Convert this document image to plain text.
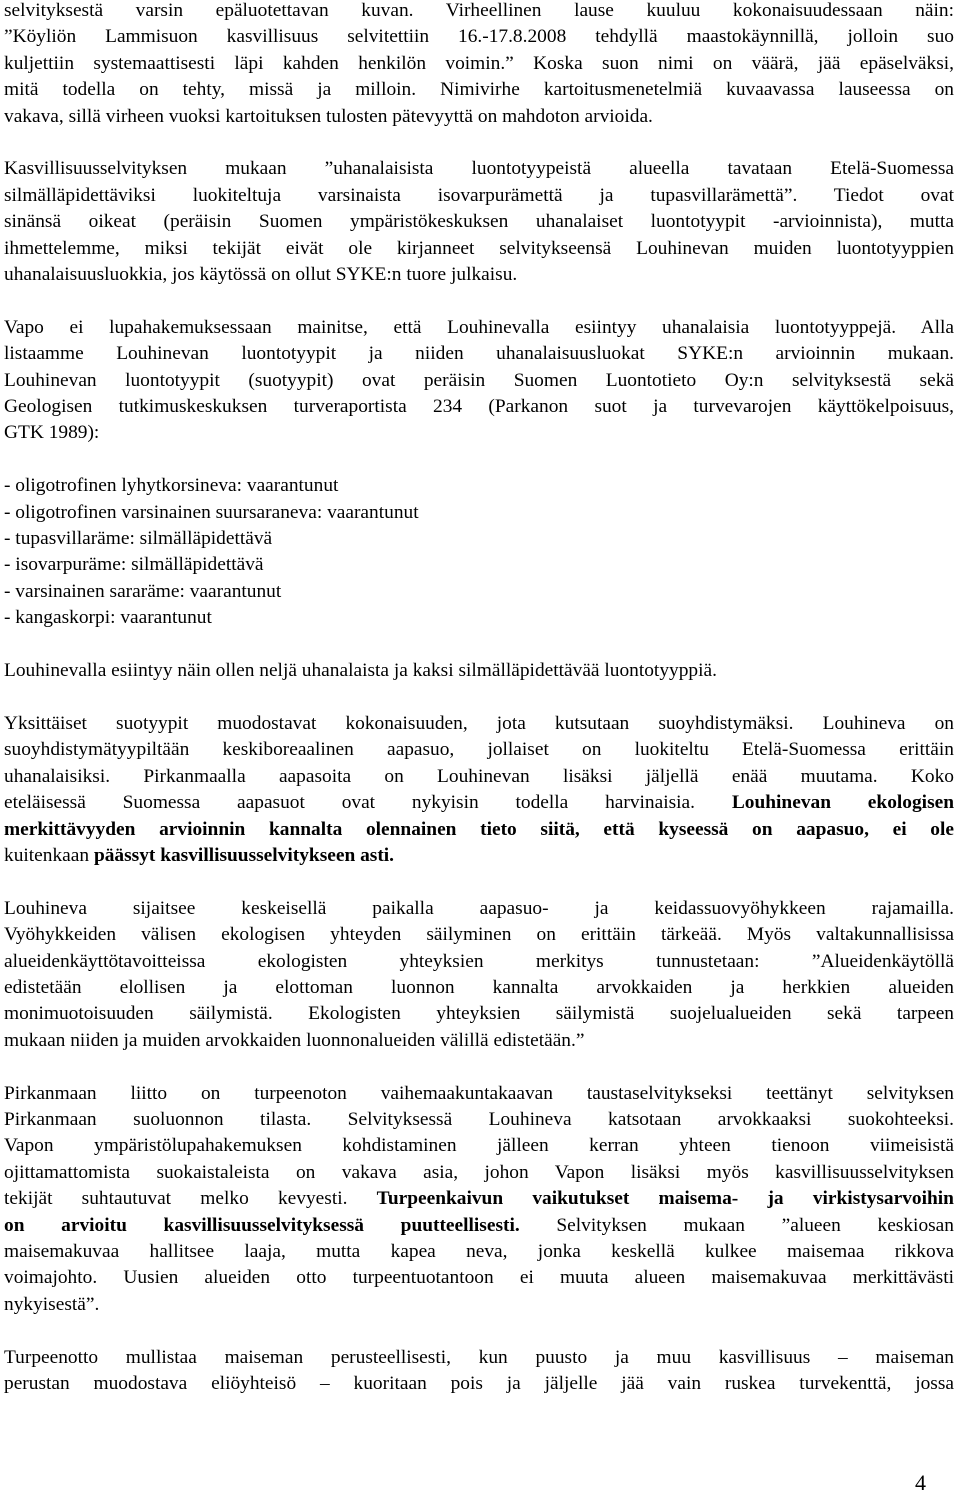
selvityksestä varsin epäluotettavan kuvan. Virheellinen lause kuuluu kokonaisuudessaan näin:
”Köyliön Lammisuon kasvillisuus selvitettiin 16.-17.8.2008 tehdyllä maastokäynnillä, jolloin suo
kuljettiin systemaattisesti läpi kahden henkilön voimin.” Koska suon nimi on väärä, jää epäselväksi,
mitä todella on tehty, missä ja milloin. Nimivirhe kartoitusmenetelmiä kuvaavassa lauseessa on
vakava, sillä virheen vuoksi kartoituksen tulosten pätevyyttä on mahdoton arvioida.
Kasvillisuusselvityksen mukaan ”uhanalaisista luontotyypeistä alueella tavataan Etelä-Suomessa
silmälläpidettäviksi luokiteltuja varsinaista isovarpurämettä ja tupasvillarämettä”. Tiedot ovat
sinänsä oikeat (peräisin Suomen ympäristökeskuksen uhanalaiset luontotyypit -arvioinnista), mutta
ihmettelemme, miksi tekijät eivät ole kirjanneet selvitykseensä Louhinevan muiden luontotyyppien
uhanalaisuusluokkia, jos käytössä on ollut SYKE:n tuore julkaisu.
Vapo ei lupahakemuksessaan mainitse, että Louhinevalla esiintyy uhanalaisia luontotyyppejä. Alla
listaamme Louhinevan luontotyypit ja niiden uhanalaisuusluokat SYKE:n arvioinnin mukaan.
Louhinevan luontotyypit (suotyypit) ovat peräisin Suomen Luontotieto Oy:n selvityksestä sekä
Geologisen tutkimuskeskuksen turveraportista 234 (Parkanon suot ja turvevarojen käyttökelpoisuus,
GTK 1989):
- oligotrofinen lyhytkorsineva: vaarantunut
- oligotrofinen varsinainen suursaraneva: vaarantunut
- tupasvillaräme: silmälläpidettävä
- isovarpuräme: silmälläpidettävä
- varsinainen sararäme: vaarantunut
- kangaskorpi: vaarantunut
Louhinevalla esiintyy näin ollen neljä uhanalaista ja kaksi silmälläpidettävää luontotyyppiä.
Yksittäiset suotyypit muodostavat kokonaisuuden, jota kutsutaan suoyhdistymäksi. Louhineva on
suoyhdistymätyypiltään keskiboreaalinen aapasuo, jollaiset on luokiteltu Etelä-Suomessa erittäin
uhanalaisiksi. Pirkanmaalla aapasoita on Louhinevan lisäksi jäljellä enää muutama. Koko
eteläisessä Suomessa aapasuot ovat nykyisin todella harvinaisia. Louhinevan ekologisen
merkittävyyden arvioinnin kannalta olennainen tieto siitä, että kyseessä on aapasuo, ei ole
kuitenkaan päässyt kasvillisuusselvitykseen asti.
Louhineva sijaitsee keskeisellä paikalla aapasuo- ja keidassuovyöhykkeen rajamailla.
Vyöhykkeiden välisen ekologisen yhteyden säilyminen on erittäin tärkeää. Myös valtakunnallisissa
alueidenkäyttötavoitteissa ekologisten yhteyksien merkitys tunnustetaan: ”Alueidenkäytöllä
edistetään elollisen ja elottoman luonnon kannalta arvokkaiden ja herkkien alueiden
monimuotoisuuden säilymistä. Ekologisten yhteyksien säilymistä suojelualueiden sekä tarpeen
mukaan niiden ja muiden arvokkaiden luonnonalueiden välillä edistetään.”
Pirkanmaan liitto on turpeenoton vaihemaakuntakaavan taustaselvitykseksi teettänyt selvityksen
Pirkanmaan suoluonnon tilasta. Selvityksessä Louhineva katsotaan arvokkaaksi suokohteeksi.
Vapon ympäristölupahakemuksen kohdistaminen jälleen kerran yhteen tienoon viimeisistä
ojittamattomista suokaistaleista on vakava asia, johon Vapon lisäksi myös kasvillisuusselvityksen
tekijät suhtautuvat melko kevyesti. Turpeenkaivun vaikutukset maisema- ja virkistysarvoihin
on arvioitu kasvillisuusselvityksessä puutteellisesti. Selvityksen mukaan ”alueen keskiosan
maisemakuvaa hallitsee laaja, mutta kapea neva, jonka keskellä kulkee maisemaa rikkova
voimajohto. Uusien alueiden otto turpeentuotantoon ei muuta alueen maisemakuvaa merkittävästi
nykyisestä”.
Turpeenotto mullistaa maiseman perusteellisesti, kun puusto ja muu kasvillisuus – maiseman
perustan muodostava eliöyhteisö – kuoritaan pois ja jäljelle jää vain ruskea turvekenttä, jossa
4
